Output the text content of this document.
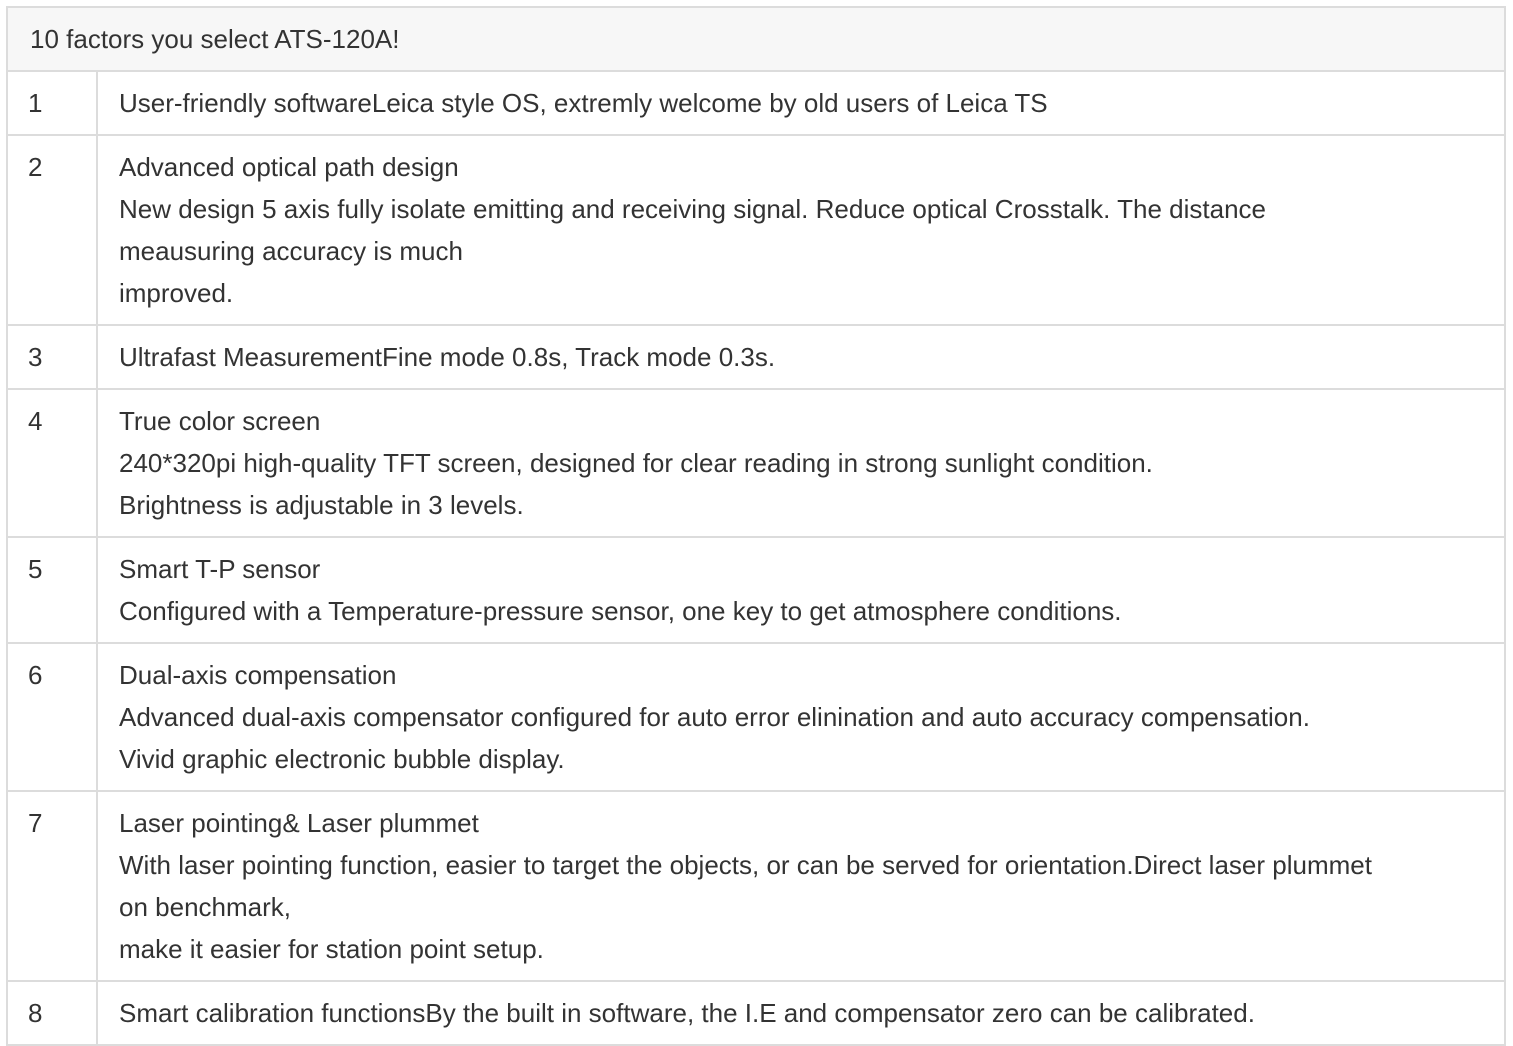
10 factors you select ATS-120A!
1	User-friendly softwareLeica style OS, extremly welcome by old users of Leica TS
2	Advanced optical path design
New design 5 axis fully isolate emitting and receiving signal. Reduce optical Crosstalk. The distance
meausuring accuracy is much
improved.
3	Ultrafast MeasurementFine mode 0.8s, Track mode 0.3s.
4	True color screen
240*320pi high-quality TFT screen, designed for clear reading in strong sunlight condition.
Brightness is adjustable in 3 levels.
5	Smart T-P sensor
Configured with a Temperature-pressure sensor, one key to get atmosphere conditions.
6	Dual-axis compensation
Advanced dual-axis compensator configured for auto error elinination and auto accuracy compensation.
Vivid graphic electronic bubble display.
7	Laser pointing& Laser plummet
With laser pointing function, easier to target the objects, or can be served for orientation.Direct laser plummet
on benchmark,
make it easier for station point setup.
8	Smart calibration functionsBy the built in software, the I.E and compensator zero can be calibrated.
